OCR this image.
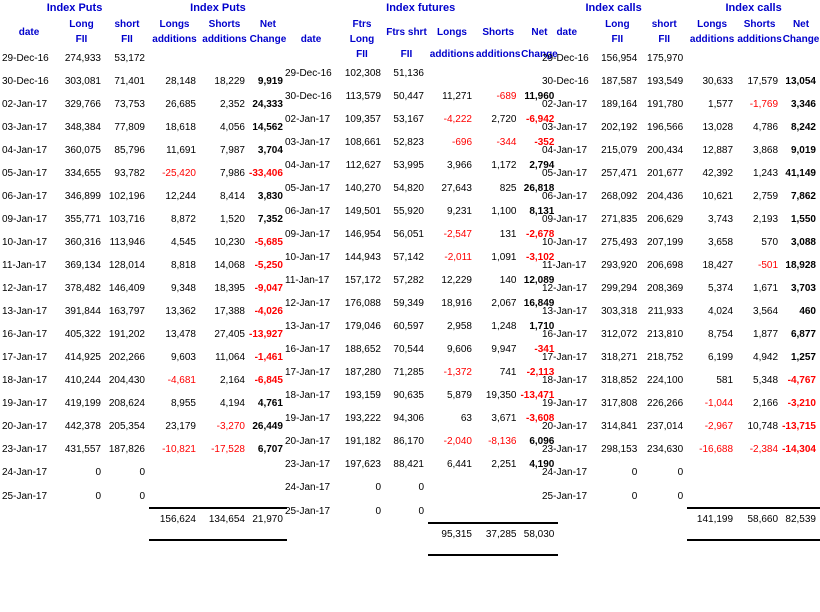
Index Puts			Index Puts		
date	Long	short	Longs	Shorts	Net
	FII	FII	additions	additions	Change
29-Dec-16	274,933	53,172			
30-Dec-16	303,081	71,401	28,148	18,229	9,919
02-Jan-17	329,766	73,753	26,685	2,352	24,333
03-Jan-17	348,384	77,809	18,618	4,056	14,562
04-Jan-17	360,075	85,796	11,691	7,987	3,704
05-Jan-17	334,655	93,782	-25,420	7,986	-33,406
06-Jan-17	346,899	102,196	12,244	8,414	3,830
09-Jan-17	355,771	103,716	8,872	1,520	7,352
10-Jan-17	360,316	113,946	4,545	10,230	-5,685
11-Jan-17	369,134	128,014	8,818	14,068	-5,250
12-Jan-17	378,482	146,409	9,348	18,395	-9,047
13-Jan-17	391,844	163,797	13,362	17,388	-4,026
16-Jan-17	405,322	191,202	13,478	27,405	-13,927
17-Jan-17	414,925	202,266	9,603	11,064	-1,461
18-Jan-17	410,244	204,430	-4,681	2,164	-6,845
19-Jan-17	419,199	208,624	8,955	4,194	4,761
20-Jan-17	442,378	205,354	23,179	-3,270	26,449
23-Jan-17	431,557	187,826	-10,821	-17,528	6,707
24-Jan-17	0	0			
25-Jan-17	0	0			
			156,624	134,654	21,970

Index futures					
date	Ftrs Long	Ftrs shrt	Longs	Shorts	Net
	FII	FII	additions	additions	Change
29-Dec-16	102,308	51,136			
30-Dec-16	113,579	50,447	11,271	-689	11,960
02-Jan-17	109,357	53,167	-4,222	2,720	-6,942
03-Jan-17	108,661	52,823	-696	-344	-352
04-Jan-17	112,627	53,995	3,966	1,172	2,794
05-Jan-17	140,270	54,820	27,643	825	26,818
06-Jan-17	149,501	55,920	9,231	1,100	8,131
09-Jan-17	146,954	56,051	-2,547	131	-2,678
10-Jan-17	144,943	57,142	-2,011	1,091	-3,102
11-Jan-17	157,172	57,282	12,229	140	12,089
12-Jan-17	176,088	59,349	18,916	2,067	16,849
13-Jan-17	179,046	60,597	2,958	1,248	1,710
16-Jan-17	188,652	70,544	9,606	9,947	-341
17-Jan-17	187,280	71,285	-1,372	741	-2,113
18-Jan-17	193,159	90,635	5,879	19,350	-13,471
19-Jan-17	193,222	94,306	63	3,671	-3,608
20-Jan-17	191,182	86,170	-2,040	-8,136	6,096
23-Jan-17	197,623	88,421	6,441	2,251	4,190
24-Jan-17	0	0			
25-Jan-17	0	0			
			95,315	37,285	58,030

Index calls			Index calls		
date	Long	short	Longs	Shorts	Net
	FII	FII	additions	additions	Change
29-Dec-16	156,954	175,970			
30-Dec-16	187,587	193,549	30,633	17,579	13,054
02-Jan-17	189,164	191,780	1,577	-1,769	3,346
03-Jan-17	202,192	196,566	13,028	4,786	8,242
04-Jan-17	215,079	200,434	12,887	3,868	9,019
05-Jan-17	257,471	201,677	42,392	1,243	41,149
06-Jan-17	268,092	204,436	10,621	2,759	7,862
09-Jan-17	271,835	206,629	3,743	2,193	1,550
10-Jan-17	275,493	207,199	3,658	570	3,088
11-Jan-17	293,920	206,698	18,427	-501	18,928
12-Jan-17	299,294	208,369	5,374	1,671	3,703
13-Jan-17	303,318	211,933	4,024	3,564	460
16-Jan-17	312,072	213,810	8,754	1,877	6,877
17-Jan-17	318,271	218,752	6,199	4,942	1,257
18-Jan-17	318,852	224,100	581	5,348	-4,767
19-Jan-17	317,808	226,266	-1,044	2,166	-3,210
20-Jan-17	314,841	237,014	-2,967	10,748	-13,715
23-Jan-17	298,153	234,630	-16,688	-2,384	-14,304
24-Jan-17	0	0			
25-Jan-17	0	0			
			141,199	58,660	82,539
